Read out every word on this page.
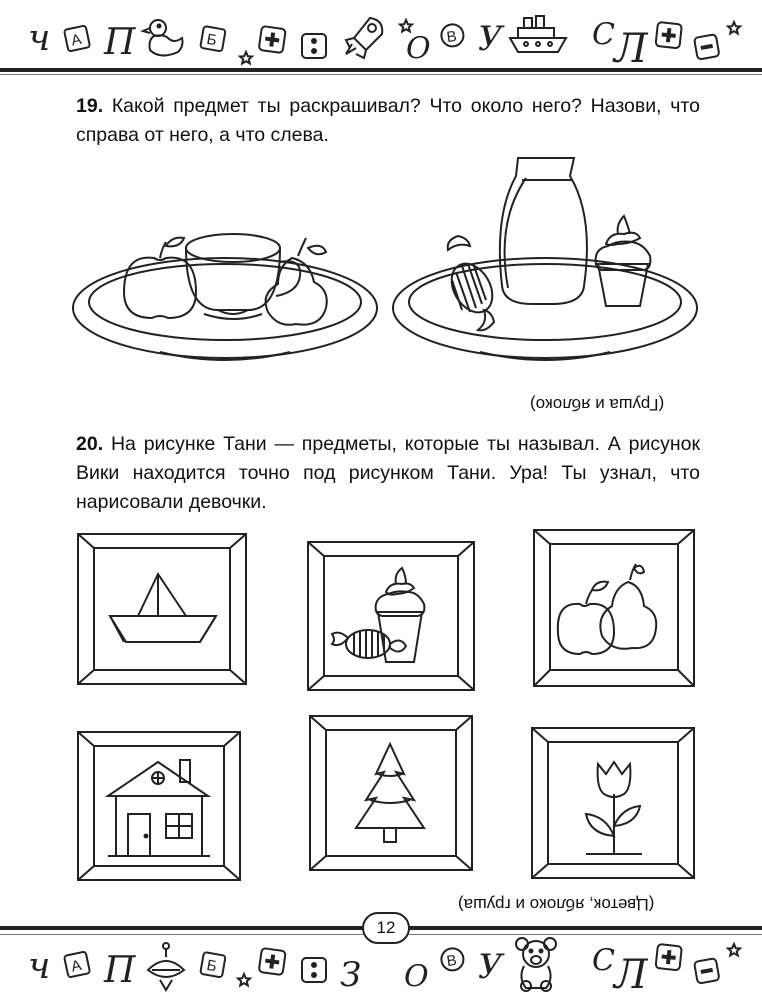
ч А П	Б	О В У	С Л

19. Какой предмет ты раскрашивал? Что около него? Назови, что справа от него, а что слева.

(Груша и яблоко)

20. На рисунке Тани — предметы, которые ты называл. А рисунок Вики находится точно под рисунком Тани. Ура! Ты узнал, что нарисовали девочки.

(Цветок, яблоко и груша)

ч А П	Б	З О В У	С Л

12
